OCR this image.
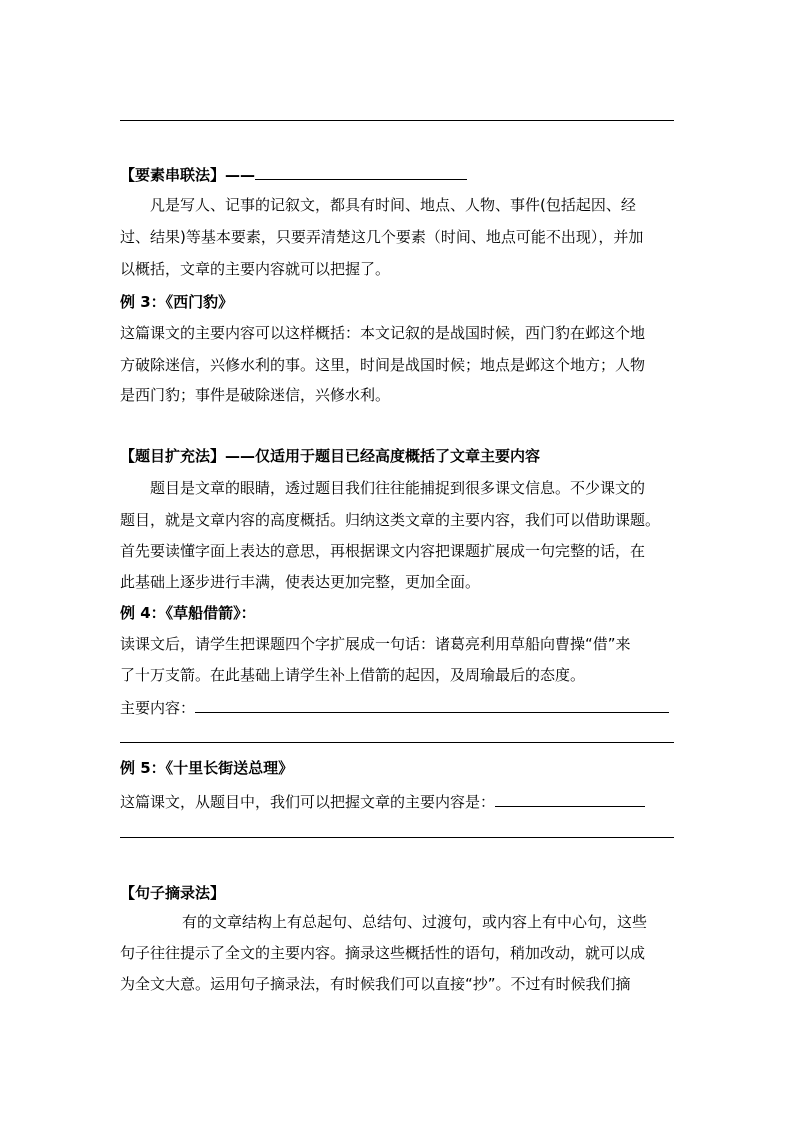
【要素串联法】——
凡是写人、记事的记叙文，都具有时间、地点、人物、事件(包括起因、经
过、结果)等基本要素，只要弄清楚这几个要素（时间、地点可能不出现），并加
以概括，文章的主要内容就可以把握了。
例 3：《西门豹》
这篇课文的主要内容可以这样概括：本文记叙的是战国时候，西门豹在邺这个地
方破除迷信，兴修水利的事。这里，时间是战国时候；地点是邺这个地方；人物
是西门豹；事件是破除迷信，兴修水利。
【题目扩充法】——仅适用于题目已经高度概括了文章主要内容
题目是文章的眼睛，透过题目我们往往能捕捉到很多课文信息。不少课文的
题目，就是文章内容的高度概括。归纳这类文章的主要内容，我们可以借助课题。
首先要读懂字面上表达的意思，再根据课文内容把课题扩展成一句完整的话，在
此基础上逐步进行丰满，使表达更加完整，更加全面。
例 4：《草船借箭》：
读课文后，请学生把课题四个字扩展成一句话：诸葛亮利用草船向曹操“借”来
了十万支箭。在此基础上请学生补上借箭的起因，及周瑜最后的态度。
主要内容：
例 5：《十里长街送总理》
这篇课文，从题目中，我们可以把握文章的主要内容是：
【句子摘录法】
有的文章结构上有总起句、总结句、过渡句，或内容上有中心句，这些
句子往往提示了全文的主要内容。摘录这些概括性的语句，稍加改动，就可以成
为全文大意。运用句子摘录法，有时候我们可以直接“抄”。不过有时候我们摘
